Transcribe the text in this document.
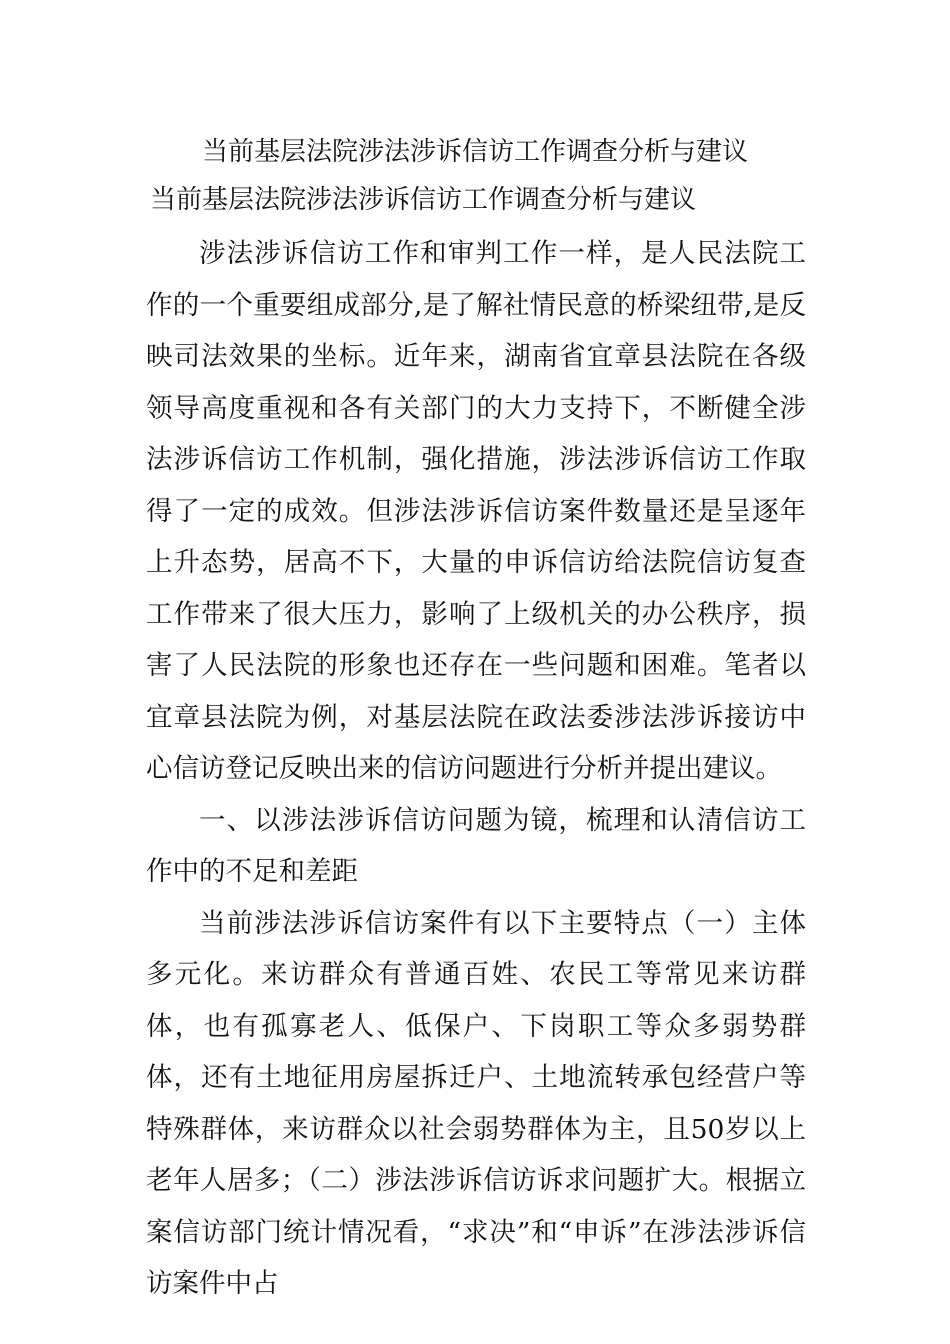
当前基层法院涉法涉诉信访工作调查分析与建议
当前基层法院涉法涉诉信访工作调查分析与建议

涉法涉诉信访工作和审判工作一样，是人民法院工作的一个重要组成部分,是了解社情民意的桥梁纽带,是反映司法效果的坐标。近年来，湖南省宜章县法院在各级领导高度重视和各有关部门的大力支持下，不断健全涉法涉诉信访工作机制，强化措施，涉法涉诉信访工作取得了一定的成效。但涉法涉诉信访案件数量还是呈逐年上升态势，居高不下，大量的申诉信访给法院信访复查工作带来了很大压力，影响了上级机关的办公秩序，损害了人民法院的形象也还存在一些问题和困难。笔者以宜章县法院为例，对基层法院在政法委涉法涉诉接访中心信访登记反映出来的信访问题进行分析并提出建议。

一、以涉法涉诉信访问题为镜，梳理和认清信访工作中的不足和差距

当前涉法涉诉信访案件有以下主要特点（一）主体多元化。来访群众有普通百姓、农民工等常见来访群体，也有孤寡老人、低保户、下岗职工等众多弱势群体，还有土地征用房屋拆迁户、土地流转承包经营户等特殊群体，来访群众以社会弱势群体为主，且50岁以上老年人居多；（二）涉法涉诉信访诉求问题扩大。根据立案信访部门统计情况看，“求决”和“申诉”在涉法涉诉信访案件中占
